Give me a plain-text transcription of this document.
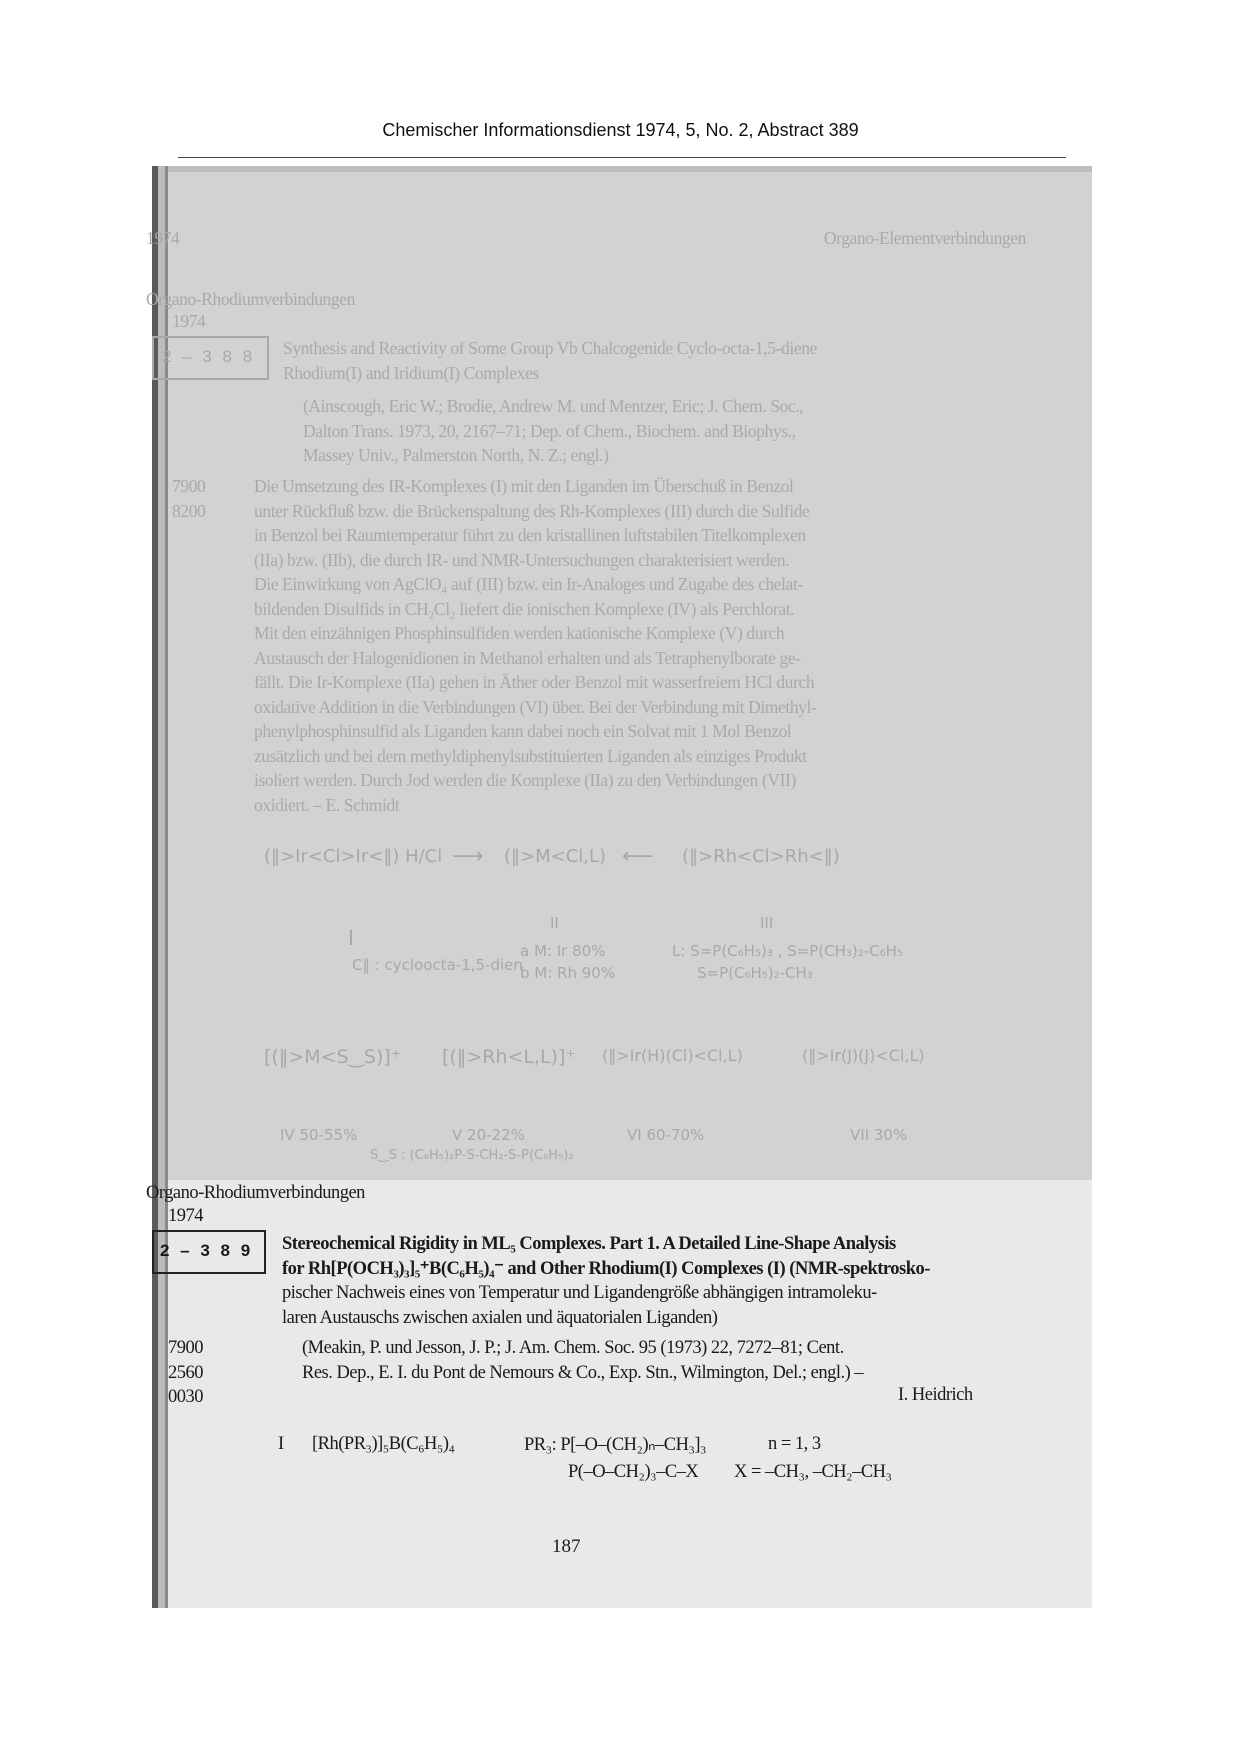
Chemischer Informationsdienst 1974, 5, No. 2, Abstract 389
1974	Organo-Elementverbindungen
Organo-Rhodiumverbindungen
1974
2 – 3 8 8 Synthesis and Reactivity of Some Group Vb Chalcogenide Cyclo-octa-1,5-diene
Rhodium(I) and Iridium(I) Complexes
(Ainscough, Eric W.; Brodie, Andrew M. und Mentzer, Eric; J. Chem. Soc.,
Dalton Trans. 1973, 20, 2167–71; Dep. of Chem., Biochem. and Biophys.,
Massey Univ., Palmerston North, N. Z.; engl.)
7900
8200
Die Umsetzung des IR-Komplexes (I) mit den Liganden im Überschuß in Benzol
unter Rückfluß bzw. die Brückenspaltung des Rh-Komplexes (III) durch die Sulfide
in Benzol bei Raumtemperatur führt zu den kristallinen luftstabilen Titelkomplexen
(IIa) bzw. (IIb), die durch IR- und NMR-Untersuchungen charakterisiert werden.
Die Einwirkung von AgClO₄ auf (III) bzw. ein Ir-Analoges und Zugabe des chelat-
bildenden Disulfids in CH₂Cl₂ liefert die ionischen Komplexe (IV) als Perchlorat.
Mit den einzähnigen Phosphinsulfiden werden kationische Komplexe (V) durch
Austausch der Halogenidionen in Methanol erhalten und als Tetraphenylborate ge-
fällt. Die Ir-Komplexe (IIa) gehen in Äther oder Benzol mit wasserfreiem HCl durch
oxidative Addition in die Verbindungen (VI) über. Bei der Verbindung mit Dimethyl-
phenylphosphinsulfid als Liganden kann dabei noch ein Solvat mit 1 Mol Benzol
zusätzlich und bei dem methyldiphenylsubstituierten Liganden als einziges Produkt
isoliert werden. Durch Jod werden die Komplexe (IIa) zu den Verbindungen (VII)
oxidiert. – E. Schmidt
(‖>Ir<Cl>Ir<‖) H/Cl ⟶ (‖>M<Cl,L) ⟵ (‖>Rh<Cl>Rh<‖)
I
II	III
C‖ : cycloocta-1,5-dien
a M: Ir 80%
b M: Rh 90%
L: S=P(C₆H₅)₃ , S=P(CH₃)₂-C₆H₅
S=P(C₆H₅)₂-CH₃
[(‖>M<S‿S)]⁺ [(‖>Rh<L,L)]⁺ (‖>Ir(H)(Cl)<Cl,L)	(‖>Ir(J)(J)<Cl,L)
IV 50-55%	V 20-22%	VI 60-70%	VII 30%
S‿S : (C₆H₅)₂P-S-CH₂-S-P(C₆H₅)₂
Organo-Rhodiumverbindungen
1974
2 – 3 8 9 Stereochemical Rigidity in ML₅ Complexes. Part 1. A Detailed Line-Shape Analysis
for Rh[P(OCH₃)₃]₅⁺B(C₆H₅)₄⁻ and Other Rhodium(I) Complexes (I) (NMR-spektrosko-
pischer Nachweis eines von Temperatur und Ligandengröße abhängigen intramoleku-
laren Austauschs zwischen axialen und äquatorialen Liganden)
7900
2560
0030
(Meakin, P. und Jesson, J. P.; J. Am. Chem. Soc. 95 (1973) 22, 7272–81; Cent.
Res. Dep., E. I. du Pont de Nemours & Co., Exp. Stn., Wilmington, Del.; engl.) –
I. Heidrich
I [Rh(PR₃)]₅B(C₆H₅)₄	PR₃: P[–O–(CH₂)ₙ–CH₃]₃	n = 1, 3
P(–O–CH₂)₃–C–X X = –CH₃, –CH₂–CH₃
187
